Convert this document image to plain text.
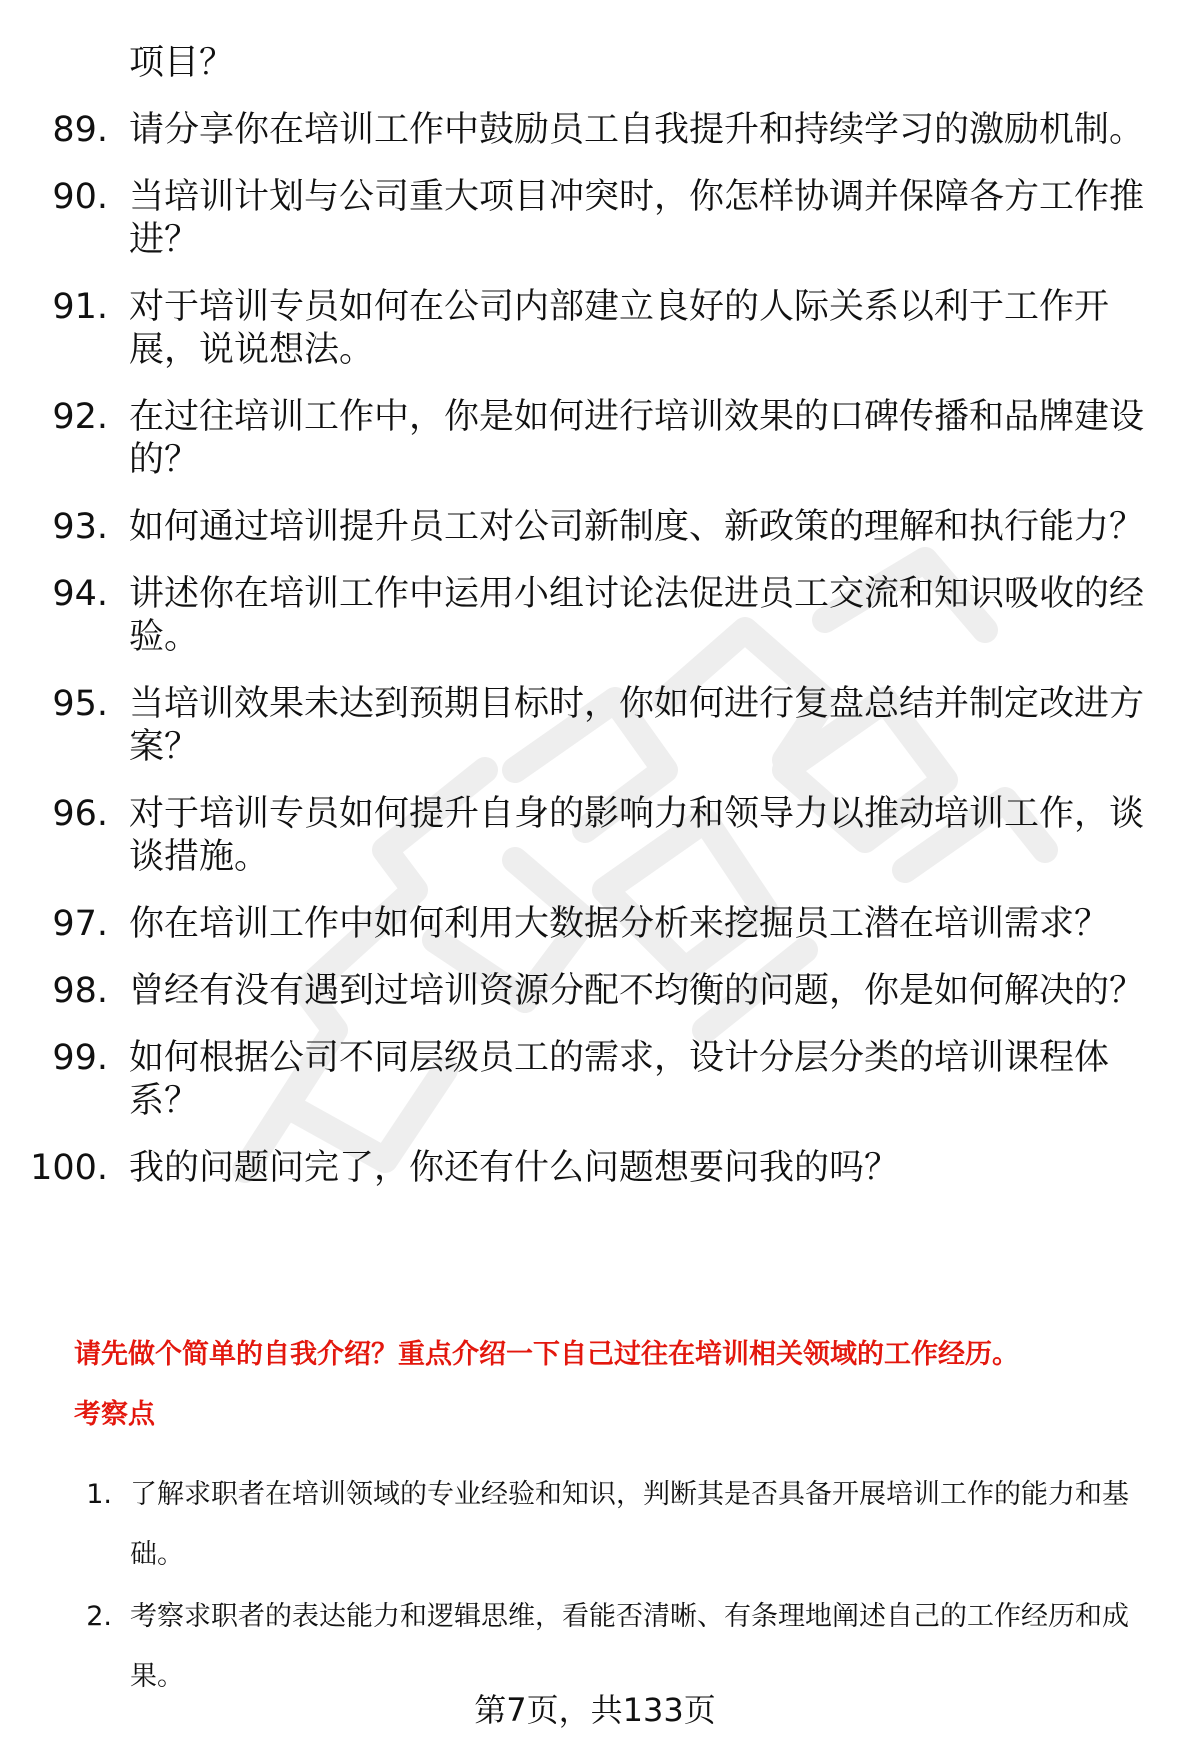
项目？
89. 请分享你在培训工作中鼓励员工自我提升和持续学习的激励机制。
90. 当培训计划与公司重大项目冲突时，你怎样协调并保障各方工作推进？
91. 对于培训专员如何在公司内部建立良好的人际关系以利于工作开展，说说想法。
92. 在过往培训工作中，你是如何进行培训效果的口碑传播和品牌建设的？
93. 如何通过培训提升员工对公司新制度、新政策的理解和执行能力？
94. 讲述你在培训工作中运用小组讨论法促进员工交流和知识吸收的经验。
95. 当培训效果未达到预期目标时，你如何进行复盘总结并制定改进方案？
96. 对于培训专员如何提升自身的影响力和领导力以推动培训工作，谈谈措施。
97. 你在培训工作中如何利用大数据分析来挖掘员工潜在培训需求？
98. 曾经有没有遇到过培训资源分配不均衡的问题，你是如何解决的？
99. 如何根据公司不同层级员工的需求，设计分层分类的培训课程体系？
100. 我的问题问完了，你还有什么问题想要问我的吗？
请先做个简单的自我介绍？重点介绍一下自己过往在培训相关领域的工作经历。
考察点
1. 了解求职者在培训领域的专业经验和知识，判断其是否具备开展培训工作的能力和基础。
2. 考察求职者的表达能力和逻辑思维，看能否清晰、有条理地阐述自己的工作经历和成果。
第7页，共133页
